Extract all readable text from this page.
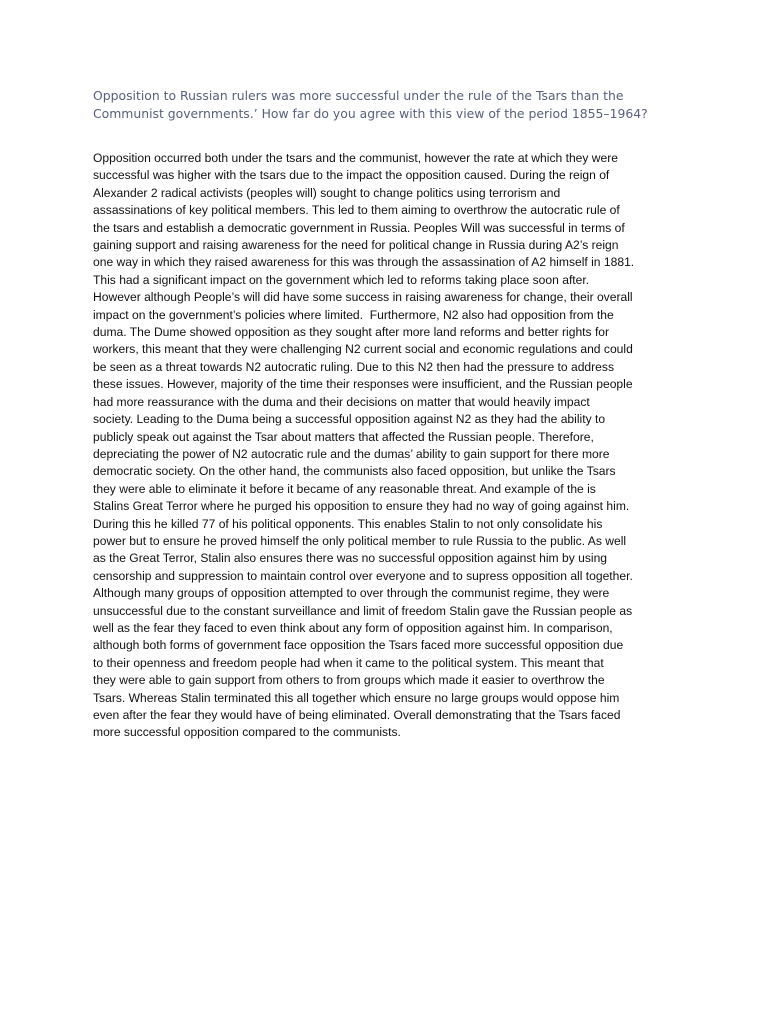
Opposition to Russian rulers was more successful under the rule of the Tsars than the
Communist governments.’ How far do you agree with this view of the period 1855–1964?

Opposition occurred both under the tsars and the communist, however the rate at which they were
successful was higher with the tsars due to the impact the opposition caused. During the reign of
Alexander 2 radical activists (peoples will) sought to change politics using terrorism and
assassinations of key political members. This led to them aiming to overthrow the autocratic rule of
the tsars and establish a democratic government in Russia. Peoples Will was successful in terms of
gaining support and raising awareness for the need for political change in Russia during A2’s reign
one way in which they raised awareness for this was through the assassination of A2 himself in 1881.
This had a significant impact on the government which led to reforms taking place soon after.
However although People’s will did have some success in raising awareness for change, their overall
impact on the government’s policies where limited.  Furthermore, N2 also had opposition from the
duma. The Dume showed opposition as they sought after more land reforms and better rights for
workers, this meant that they were challenging N2 current social and economic regulations and could
be seen as a threat towards N2 autocratic ruling. Due to this N2 then had the pressure to address
these issues. However, majority of the time their responses were insufficient, and the Russian people
had more reassurance with the duma and their decisions on matter that would heavily impact
society. Leading to the Duma being a successful opposition against N2 as they had the ability to
publicly speak out against the Tsar about matters that affected the Russian people. Therefore,
depreciating the power of N2 autocratic rule and the dumas’ ability to gain support for there more
democratic society. On the other hand, the communists also faced opposition, but unlike the Tsars
they were able to eliminate it before it became of any reasonable threat. And example of the is
Stalins Great Terror where he purged his opposition to ensure they had no way of going against him.
During this he killed 77 of his political opponents. This enables Stalin to not only consolidate his
power but to ensure he proved himself the only political member to rule Russia to the public. As well
as the Great Terror, Stalin also ensures there was no successful opposition against him by using
censorship and suppression to maintain control over everyone and to supress opposition all together.
Although many groups of opposition attempted to over through the communist regime, they were
unsuccessful due to the constant surveillance and limit of freedom Stalin gave the Russian people as
well as the fear they faced to even think about any form of opposition against him. In comparison,
although both forms of government face opposition the Tsars faced more successful opposition due
to their openness and freedom people had when it came to the political system. This meant that
they were able to gain support from others to from groups which made it easier to overthrow the
Tsars. Whereas Stalin terminated this all together which ensure no large groups would oppose him
even after the fear they would have of being eliminated. Overall demonstrating that the Tsars faced
more successful opposition compared to the communists.
